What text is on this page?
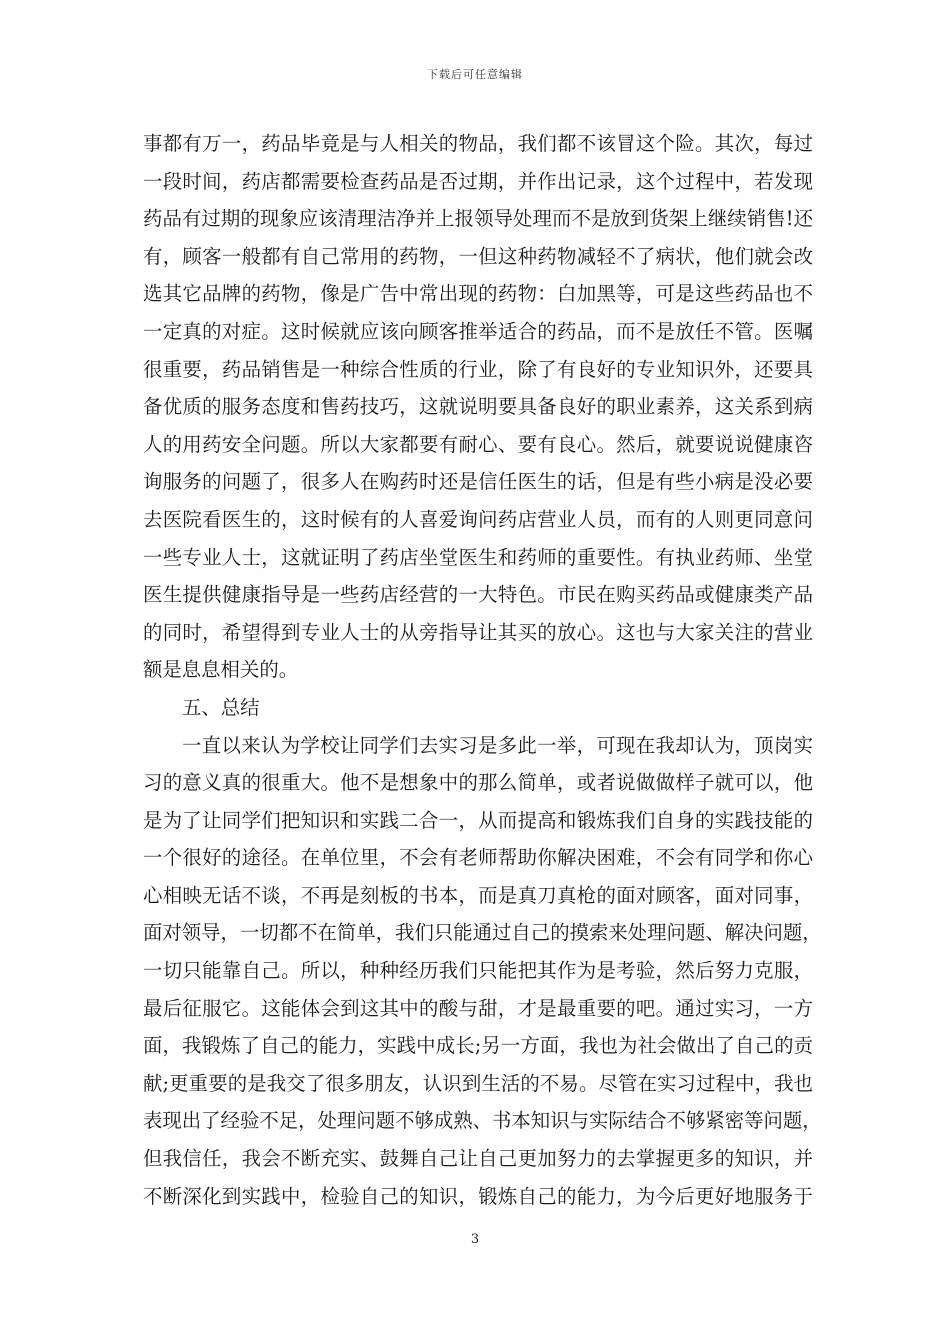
下载后可任意编辑
事都有万一，药品毕竟是与人相关的物品，我们都不该冒这个险。其次，每过
一段时间，药店都需要检查药品是否过期，并作出记录，这个过程中，若发现
药品有过期的现象应该清理洁净并上报领导处理而不是放到货架上继续销售!还
有，顾客一般都有自己常用的药物，一但这种药物减轻不了病状，他们就会改
选其它品牌的药物，像是广告中常出现的药物：白加黑等，可是这些药品也不
一定真的对症。这时候就应该向顾客推举适合的药品，而不是放任不管。医嘱
很重要，药品销售是一种综合性质的行业，除了有良好的专业知识外，还要具
备优质的服务态度和售药技巧，这就说明要具备良好的职业素养，这关系到病
人的用药安全问题。所以大家都要有耐心、要有良心。然后，就要说说健康咨
询服务的问题了，很多人在购药时还是信任医生的话，但是有些小病是没必要
去医院看医生的，这时候有的人喜爱询问药店营业人员，而有的人则更同意问
一些专业人士，这就证明了药店坐堂医生和药师的重要性。有执业药师、坐堂
医生提供健康指导是一些药店经营的一大特色。市民在购买药品或健康类产品
的同时，希望得到专业人士的从旁指导让其买的放心。这也与大家关注的营业
额是息息相关的。
五、总结
一直以来认为学校让同学们去实习是多此一举，可现在我却认为，顶岗实
习的意义真的很重大。他不是想象中的那么简单，或者说做做样子就可以，他
是为了让同学们把知识和实践二合一，从而提高和锻炼我们自身的实践技能的
一个很好的途径。在单位里，不会有老师帮助你解决困难，不会有同学和你心
心相映无话不谈，不再是刻板的书本，而是真刀真枪的面对顾客，面对同事，
面对领导，一切都不在简单，我们只能通过自己的摸索来处理问题、解决问题，
一切只能靠自己。所以，种种经历我们只能把其作为是考验，然后努力克服，
最后征服它。这能体会到这其中的酸与甜，才是最重要的吧。通过实习，一方
面，我锻炼了自己的能力，实践中成长;另一方面，我也为社会做出了自己的贡
献;更重要的是我交了很多朋友，认识到生活的不易。尽管在实习过程中，我也
表现出了经验不足，处理问题不够成熟、书本知识与实际结合不够紧密等问题，
但我信任，我会不断充实、鼓舞自己让自己更加努力的去掌握更多的知识，并
不断深化到实践中，检验自己的知识，锻炼自己的能力，为今后更好地服务于
3
